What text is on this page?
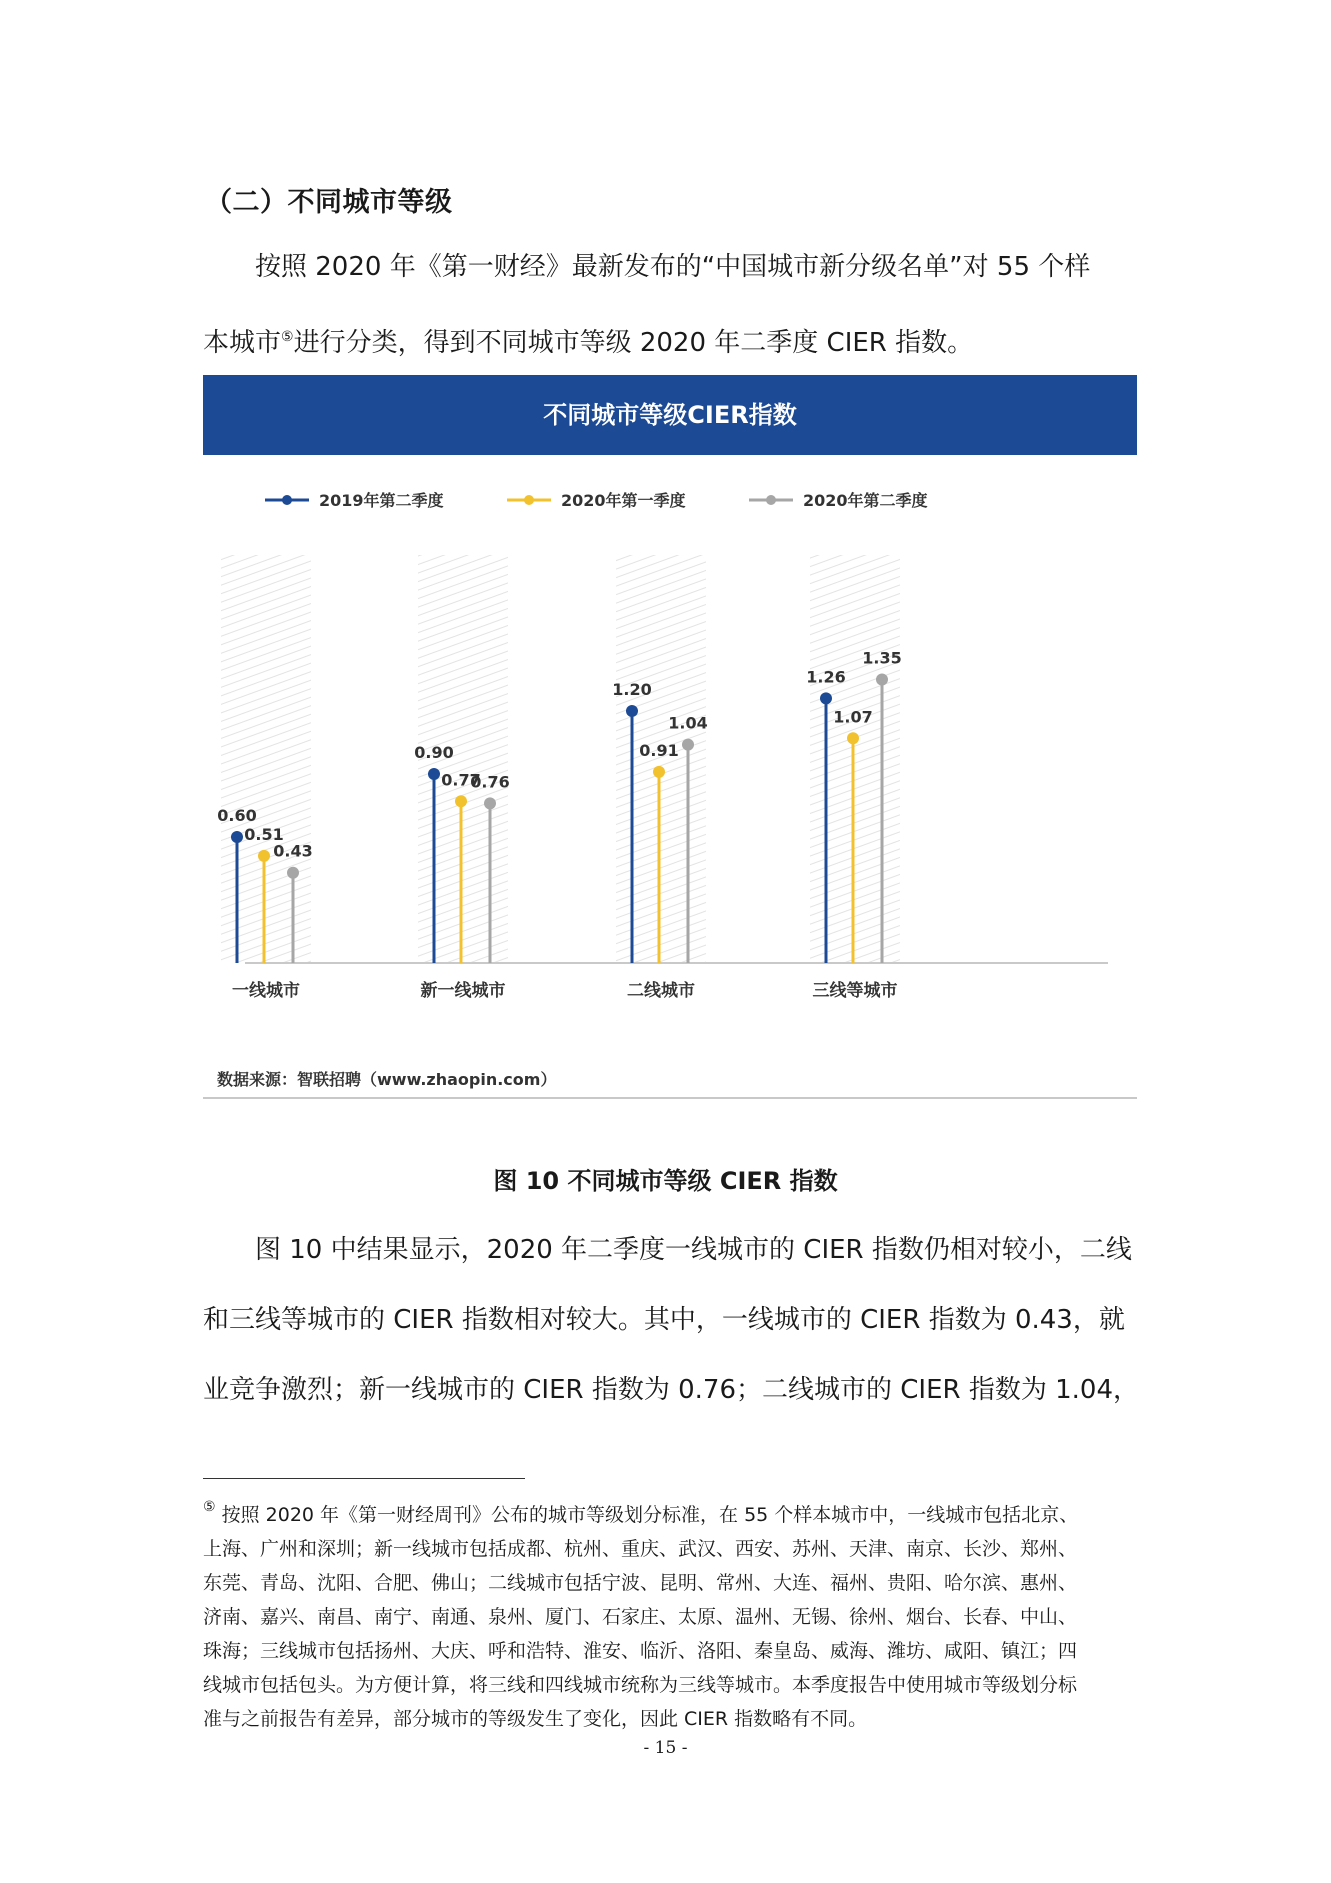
（二）不同城市等级

按照 2020 年《第一财经》最新发布的“中国城市新分级名单”对 55 个样

本城市⑤进行分类，得到不同城市等级 2020 年二季度 CIER 指数。

不同城市等级CIER指数
2019年第二季度	2020年第一季度	2020年第二季度
0.60
0.90
1.20
1.26
0.51
0.77
0.91
1.07
0.43
0.76
1.04
1.35
一线城市	新一线城市	二线城市	三线等城市
数据来源：智联招聘（www.zhaopin.com）
图 10 不同城市等级 CIER 指数

图 10 中结果显示，2020 年二季度一线城市的 CIER 指数仍相对较小，二线

和三线等城市的 CIER 指数相对较大。其中，一线城市的 CIER 指数为 0.43，就

业竞争激烈；新一线城市的 CIER 指数为 0.76；二线城市的 CIER 指数为 1.04，

⑤ 按照 2020 年《第一财经周刊》公布的城市等级划分标准，在 55 个样本城市中，一线城市包括北京、

上海、广州和深圳；新一线城市包括成都、杭州、重庆、武汉、西安、苏州、天津、南京、长沙、郑州、

东莞、青岛、沈阳、合肥、佛山；二线城市包括宁波、昆明、常州、大连、福州、贵阳、哈尔滨、惠州、

济南、嘉兴、南昌、南宁、南通、泉州、厦门、石家庄、太原、温州、无锡、徐州、烟台、长春、中山、

珠海；三线城市包括扬州、大庆、呼和浩特、淮安、临沂、洛阳、秦皇岛、威海、潍坊、咸阳、镇江；四

线城市包括包头。为方便计算，将三线和四线城市统称为三线等城市。本季度报告中使用城市等级划分标

准与之前报告有差异，部分城市的等级发生了变化，因此 CIER 指数略有不同。

- 15 -
